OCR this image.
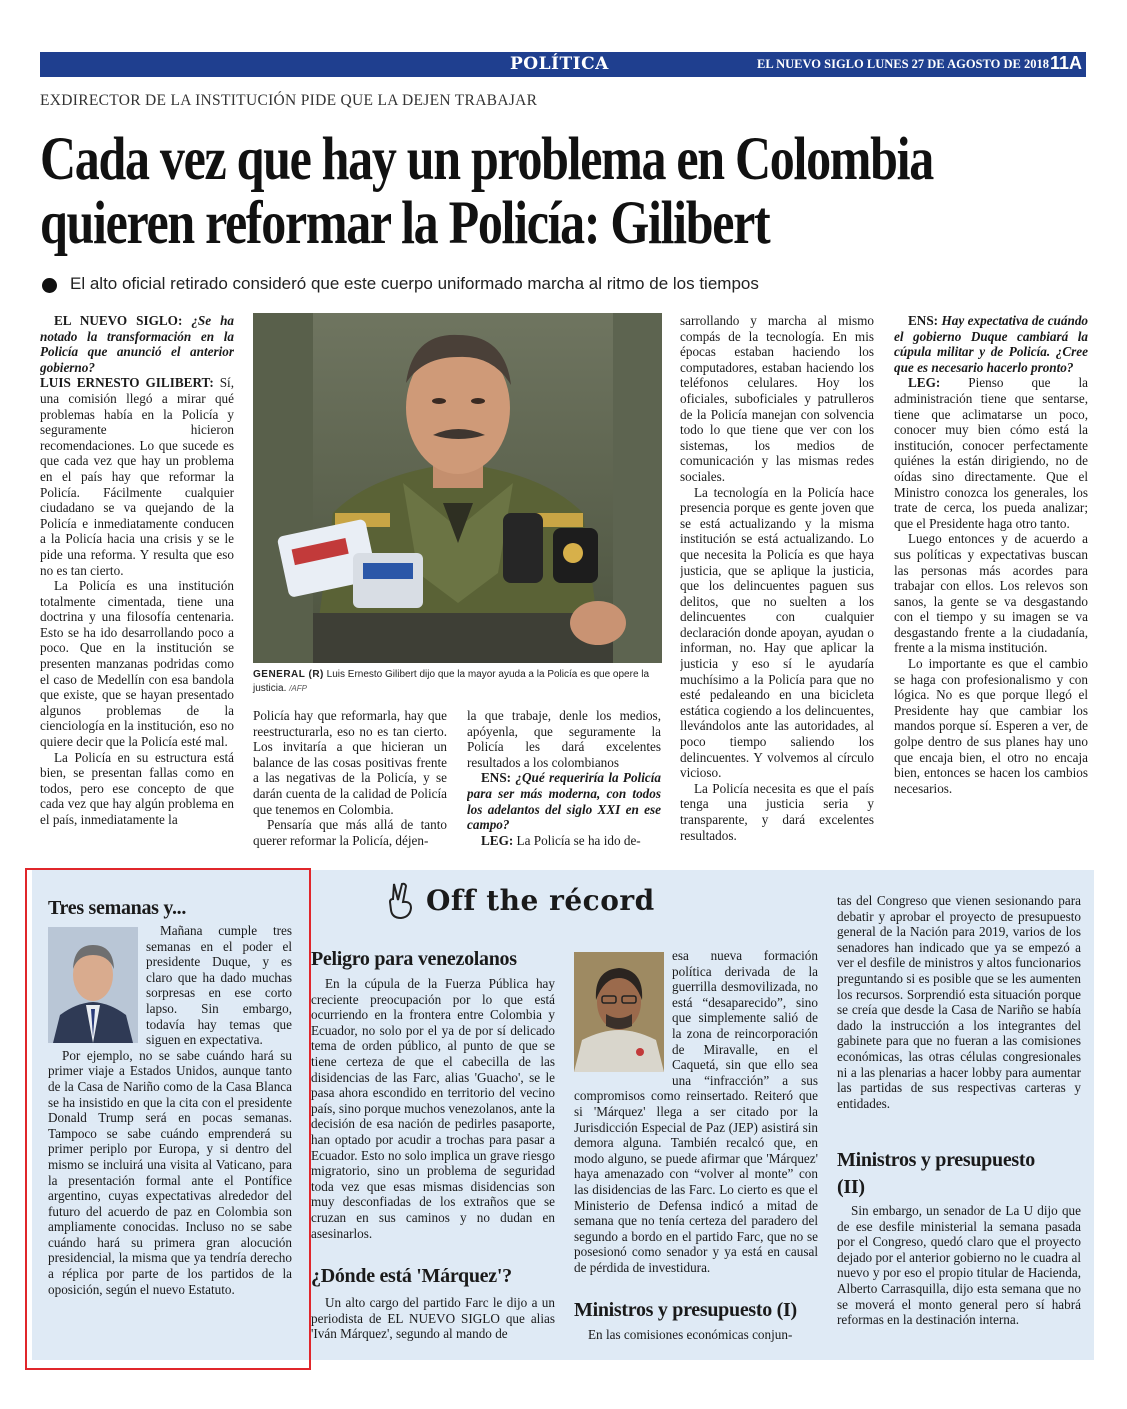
POLÍTICA	EL NUEVO SIGLO LUNES 27 DE AGOSTO DE 2018 11A
EXDIRECTOR DE LA INSTITUCIÓN PIDE QUE LA DEJEN TRABAJAR
Cada vez que hay un problema en Colombia
quieren reformar la Policía: Gilibert
El alto oficial retirado consideró que este cuerpo uniformado marcha al ritmo de los tiempos

EL NUEVO SIGLO: ¿Se ha notado la transformación en la Policía que anunció el anterior gobierno?

LUIS ERNESTO GILIBERT: Sí, una comisión llegó a mirar qué problemas había en la Policía y seguramente hicieron recomendaciones. Lo que sucede es que cada vez que hay un problema en el país hay que reformar la Policía. Fácilmente cualquier ciudadano se va quejando de la Policía e inmediatamente conducen a la Policía hacia una crisis y se le pide una reforma. Y resulta que eso no es tan cierto.

La Policía es una institución totalmente cimentada, tiene una doctrina y una filosofía centenaria. Esto se ha ido desarrollando poco a poco. Que en la institución se presenten manzanas podridas como el caso de Medellín con esa bandola que existe, que se hayan presentado algunos problemas de la cienciología en la institución, eso no quiere decir que la Policía esté mal.

La Policía en su estructura está bien, se presentan fallas como en todos, pero ese concepto de que cada vez que hay algún problema en el país, inmediatamente la

GENERAL (R) Luis Ernesto Gilibert dijo que la mayor ayuda a la Policía es que opere la justicia. /AFP

Policía hay que reformarla, hay que reestructurarla, eso no es tan cierto. Los invitaría a que hicieran un balance de las cosas positivas frente a las negativas de la Policía, y se darán cuenta de la calidad de Policía que tenemos en Colombia.

Pensaría que más allá de tanto querer reformar la Policía, déjen-

la que trabaje, denle los medios, apóyenla, que seguramente la Policía les dará excelentes resultados a los colombianos

ENS: ¿Qué requeriría la Policía para ser más moderna, con todos los adelantos del siglo XXI en ese campo?

LEG: La Policía se ha ido de-

sarrollando y marcha al mismo compás de la tecnología. En mis épocas estaban haciendo los computadores, estaban haciendo los teléfonos celulares. Hoy los oficiales, suboficiales y patrulleros de la Policía manejan con solvencia todo lo que tiene que ver con los sistemas, los medios de comunicación y las mismas redes sociales.

La tecnología en la Policía hace presencia porque es gente joven que se está actualizando y la misma institución se está actualizando. Lo que necesita la Policía es que haya justicia, que se aplique la justicia, que los delincuentes paguen sus delitos, que no suelten a los delincuentes con cualquier declaración donde apoyan, ayudan o informan, no. Hay que aplicar la justicia y eso sí le ayudaría muchísimo a la Policía para que no esté pedaleando en una bicicleta estática cogiendo a los delincuentes, llevándolos ante las autoridades, al poco tiempo saliendo los delincuentes. Y volvemos al círculo vicioso.

La Policía necesita es que el país tenga una justicia seria y transparente, y dará excelentes resultados.

ENS: Hay expectativa de cuándo el gobierno Duque cambiará la cúpula militar y de Policía. ¿Cree que es necesario hacerlo pronto?

LEG: Pienso que la administración tiene que sentarse, tiene que aclimatarse un poco, conocer muy bien cómo está la institución, conocer perfectamente quiénes la están dirigiendo, no de oídas sino directamente. Que el Ministro conozca los generales, los trate de cerca, los pueda analizar; que el Presidente haga otro tanto.

Luego entonces y de acuerdo a sus políticas y expectativas buscan las personas más acordes para trabajar con ellos. Los relevos son sanos, la gente se va desgastando con el tiempo y su imagen se va desgastando frente a la ciudadanía, frente a la misma institución.

Lo importante es que el cambio se haga con profesionalismo y con lógica. No es que porque llegó el Presidente hay que cambiar los mandos porque sí. Esperen a ver, de golpe dentro de sus planes hay uno que encaja bien, el otro no encaja bien, entonces se hacen los cambios necesarios.

Off the récord
Tres semanas y...

Mañana cumple tres semanas en el poder el presidente Duque, y es claro que ha dado muchas sorpresas en ese corto lapso. Sin embargo, todavía hay temas que siguen en expectativa.

Por ejemplo, no se sabe cuándo hará su primer viaje a Estados Unidos, aunque tanto de la Casa de Nariño como de la Casa Blanca se ha insistido en que la cita con el presidente Donald Trump será en pocas semanas. Tampoco se sabe cuándo emprenderá su primer periplo por Europa, y si dentro del mismo se incluirá una visita al Vaticano, para la presentación formal ante el Pontífice argentino, cuyas expectativas alrededor del futuro del acuerdo de paz en Colombia son ampliamente conocidas. Incluso no se sabe cuándo hará su primera gran alocución presidencial, la misma que ya tendría derecho a réplica por parte de los partidos de la oposición, según el nuevo Estatuto.

Peligro para venezolanos

En la cúpula de la Fuerza Pública hay creciente preocupación por lo que está ocurriendo en la frontera entre Colombia y Ecuador, no solo por el ya de por sí delicado tema de orden público, al punto de que se tiene certeza de que el cabecilla de las disidencias de las Farc, alias 'Guacho', se le pasa ahora escondido en territorio del vecino país, sino porque muchos venezolanos, ante la decisión de esa nación de pedirles pasaporte, han optado por acudir a trochas para pasar a Ecuador. Esto no solo implica un grave riesgo migratorio, sino un problema de seguridad toda vez que esas mismas disidencias son muy desconfiadas de los extraños que se cruzan en sus caminos y no dudan en asesinarlos.

¿Dónde está 'Márquez'?

Un alto cargo del partido Farc le dijo a un periodista de EL NUEVO SIGLO que alias 'Iván Márquez', segundo al mando de

esa nueva formación política derivada de la guerrilla desmovilizada, no está “desaparecido”, sino que simplemente salió de la zona de reincorporación de Miravalle, en el Caquetá, sin que ello sea una “infracción” a sus compromisos como reinsertado. Reiteró que si 'Márquez' llega a ser citado por la Jurisdicción Especial de Paz (JEP) asistirá sin demora alguna. También recalcó que, en modo alguno, se puede afirmar que 'Márquez' haya amenazado con “volver al monte” con las disidencias de las Farc. Lo cierto es que el Ministerio de Defensa indicó a mitad de semana que no tenía certeza del paradero del segundo a bordo en el partido Farc, que no se posesionó como senador y ya está en causal de pérdida de investidura.

Ministros y presupuesto (I)

En las comisiones económicas conjun-

tas del Congreso que vienen sesionando para debatir y aprobar el proyecto de presupuesto general de la Nación para 2019, varios de los senadores han indicado que ya se empezó a ver el desfile de ministros y altos funcionarios preguntando si es posible que se les aumenten los recursos. Sorprendió esta situación porque se creía que desde la Casa de Nariño se había dado la instrucción a los integrantes del gabinete para que no fueran a las comisiones económicas, las otras células congresionales ni a las plenarias a hacer lobby para aumentar las partidas de sus respectivas carteras y entidades.

Ministros y presupuesto (II)

Sin embargo, un senador de La U dijo que de ese desfile ministerial la semana pasada por el Congreso, quedó claro que el proyecto dejado por el anterior gobierno no le cuadra al nuevo y por eso el propio titular de Hacienda, Alberto Carrasquilla, dijo esta semana que no se moverá el monto general pero sí habrá reformas en la destinación interna.
